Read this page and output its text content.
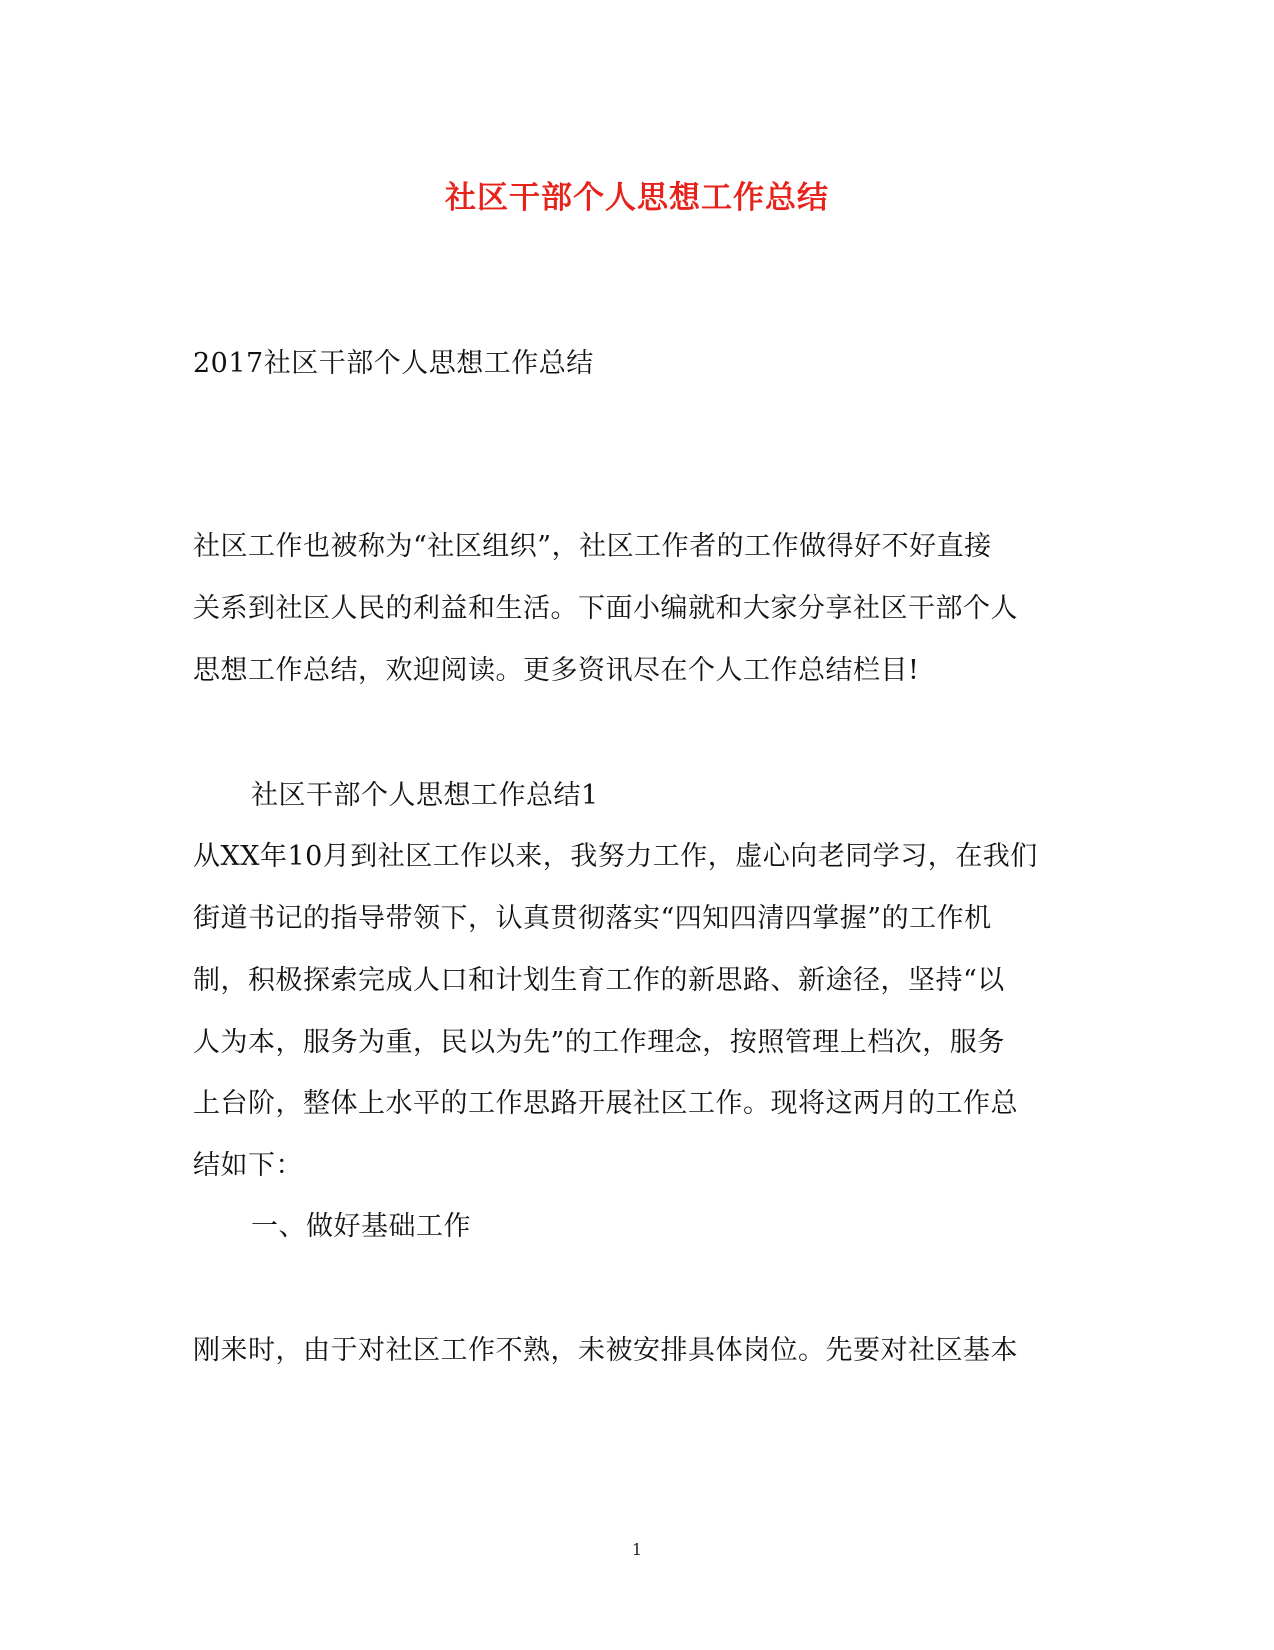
社区干部个人思想工作总结
2017社区干部个人思想工作总结
社区工作也被称为“社区组织”，社区工作者的工作做得好不好直接
关系到社区人民的利益和生活。下面小编就和大家分享社区干部个人
思想工作总结，欢迎阅读。更多资讯尽在个人工作总结栏目!
社区干部个人思想工作总结1
从XX年10月到社区工作以来，我努力工作，虚心向老同学习，在我们
街道书记的指导带领下，认真贯彻落实“四知四清四掌握”的工作机
制，积极探索完成人口和计划生育工作的新思路、新途径，坚持“以
人为本，服务为重，民以为先”的工作理念，按照管理上档次，服务
上台阶，整体上水平的工作思路开展社区工作。现将这两月的工作总
结如下：
一、做好基础工作
刚来时，由于对社区工作不熟，未被安排具体岗位。先要对社区基本
1
